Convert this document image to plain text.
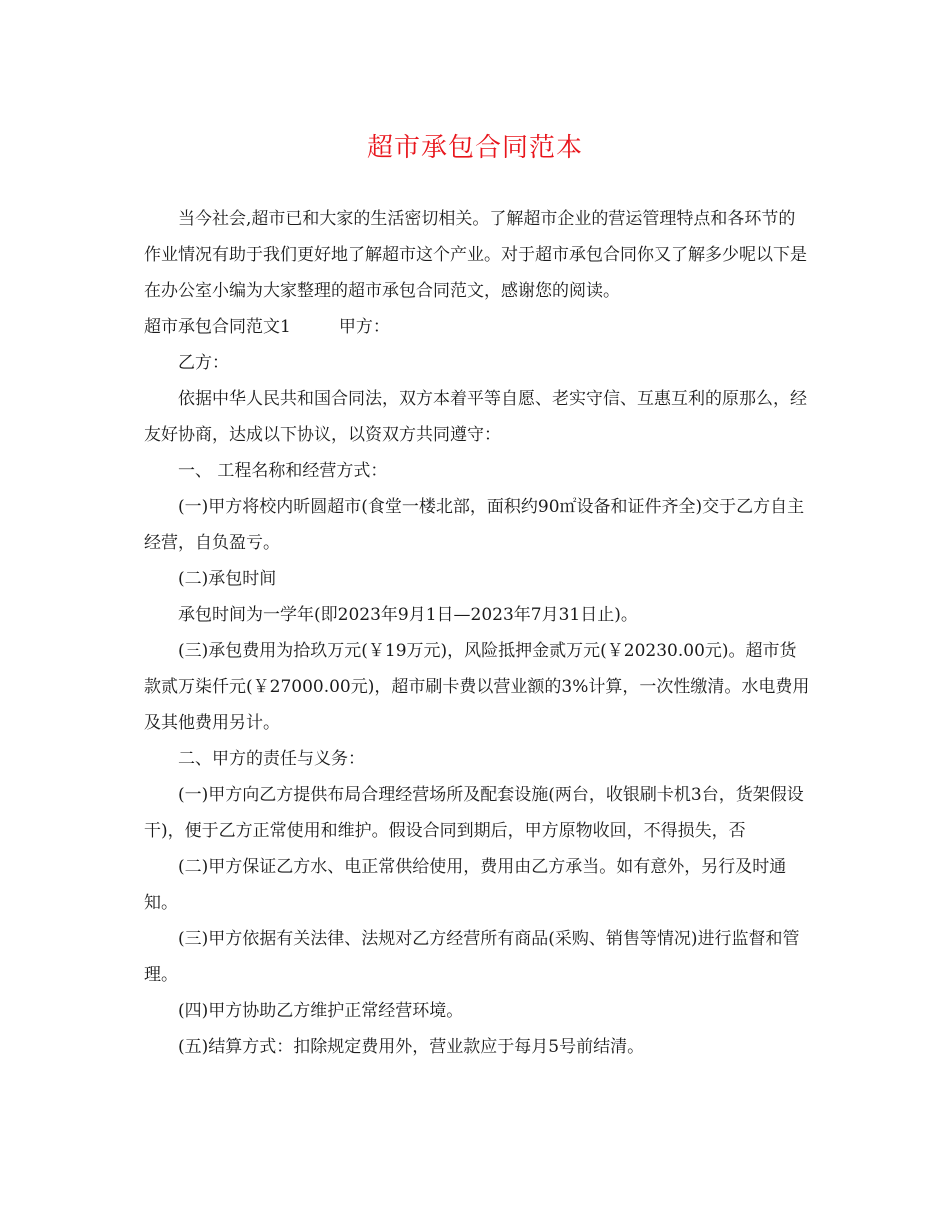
超市承包合同范本

当今社会,超市已和大家的生活密切相关。了解超市企业的营运管理特点和各环节的作业情况有助于我们更好地了解超市这个产业。对于超市承包合同你又了解多少呢以下是在办公室小编为大家整理的超市承包合同范文，感谢您的阅读。

超市承包合同范文1	甲方：

乙方：

依据中华人民共和国合同法，双方本着平等自愿、老实守信、互惠互利的原那么，经友好协商，达成以下协议，以资双方共同遵守：

一、 工程名称和经营方式：

(一)甲方将校内昕圆超市(食堂一楼北部，面积约90㎡设备和证件齐全)交于乙方自主经营，自负盈亏。

(二)承包时间

承包时间为一学年(即2023年9月1日—2023年7月31日止)。

(三)承包费用为拾玖万元(￥19万元)，风险抵押金贰万元(￥20230.00元)。超市货款贰万柒仟元(￥27000.00元)，超市刷卡费以营业额的3%计算，一次性缴清。水电费用及其他费用另计。

二、甲方的责任与义务：

(一)甲方向乙方提供布局合理经营场所及配套设施(两台，收银刷卡机3台，货架假设干)，便于乙方正常使用和维护。假设合同到期后，甲方原物收回，不得损失，否

(二)甲方保证乙方水、电正常供给使用，费用由乙方承当。如有意外，另行及时通知。

(三)甲方依据有关法律、法规对乙方经营所有商品(采购、销售等情况)进行监督和管理。

(四)甲方协助乙方维护正常经营环境。

(五)结算方式：扣除规定费用外，营业款应于每月5号前结清。
